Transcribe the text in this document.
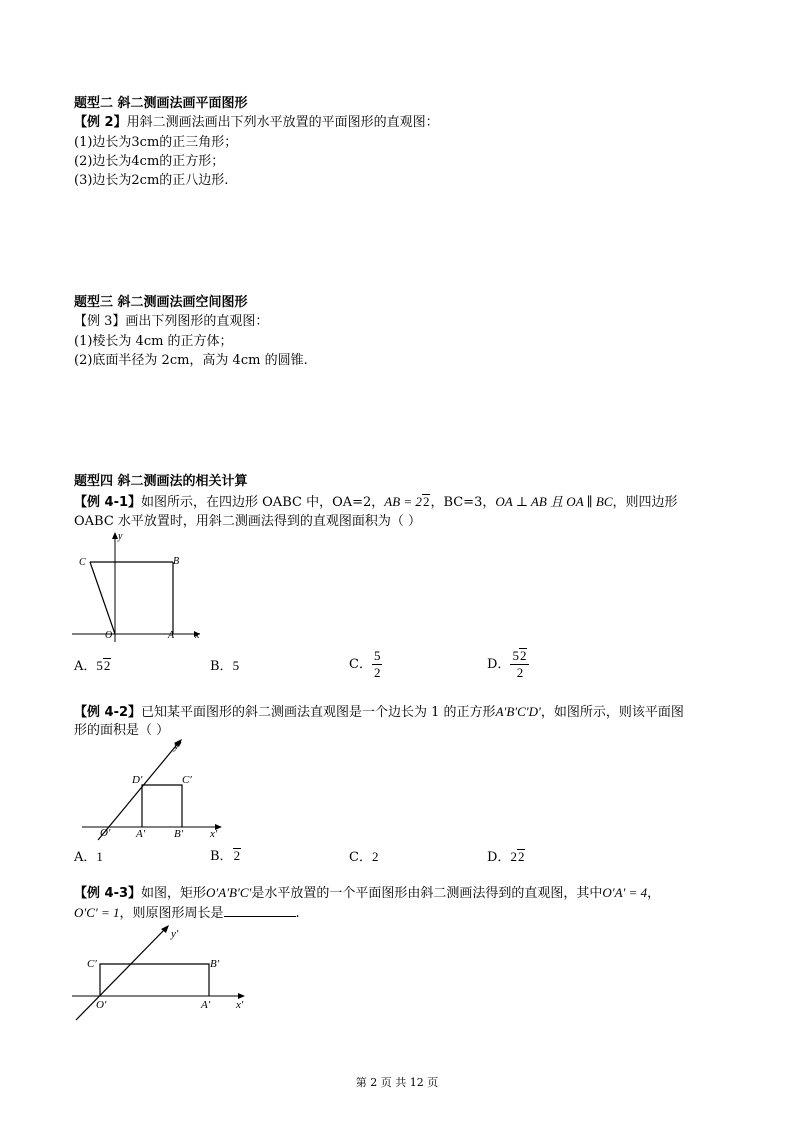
题型二 斜二测画法画平面图形
【例 2】用斜二测画法画出下列水平放置的平面图形的直观图：
(1)边长为3cm的正三角形；
(2)边长为4cm的正方形；
(3)边长为2cm的正八边形.
题型三 斜二测画法画空间图形
【例 3】画出下列图形的直观图：
(1)棱长为 4cm 的正方体；
(2)底面半径为 2cm，高为 4cm 的圆锥.
题型四 斜二测画法的相关计算
【例 4-1】如图所示，在四边形 OABC 中，OA=2，AB = 22，BC=3，OA ⊥ AB 且 OA ∥ BC，则四边形
OABC 水平放置时，用斜二测画法得到的直观图面积为（ ）
C	B
O	A x
y
A．52	B．5	C． $\frac{5}{2}$	D． $\frac{52}{2}$
【例 4-2】已知某平面图形的斜二测画法直观图是一个边长为 1 的正方形A′B′C′D′，如图所示，则该平面图
形的面积是（ ）
D′	C′
O′ A′	B′ x′
y′
A．1	B．2	C．2	D．22
【例 4-3】如图，矩形O′A′B′C′是水平放置的一个平面图形由斜二测画法得到的直观图，其中O′A′ = 4，
O′C′ = 1，则原图形周长是	.
C′	B′
O′	A′ x′
y′
第 2 页 共 12 页
